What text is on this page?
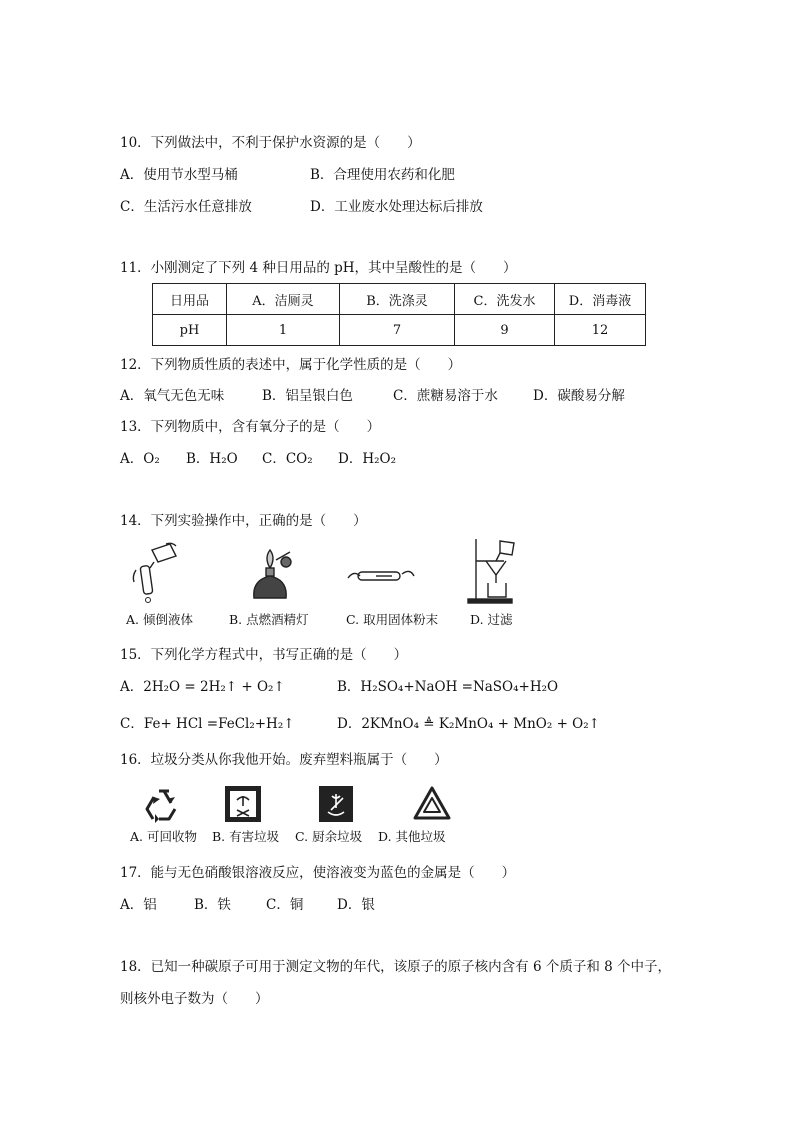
10．下列做法中，不利于保护水资源的是（　　）
A．使用节水型马桶	B．合理使用农药和化肥
C．生活污水任意排放	D．工业废水处理达标后排放
11．小刚测定了下列 4 种日用品的 pH，其中呈酸性的是（　　）
日用品	A．洁厕灵	B．洗涤灵	C．洗发水	D．消毒液
pH	1	7	9	12
12．下列物质性质的表述中，属于化学性质的是（　　）
A．氧气无色无味	B．铝呈银白色	C．蔗糖易溶于水	D．碳酸易分解
13．下列物质中，含有氧分子的是（　　）
A．O₂ B．H₂O C．CO₂ D．H₂O₂
14．下列实验操作中，正确的是（　　）
A. 倾倒液体	B. 点燃酒精灯	C. 取用固体粉末	D. 过滤
15．下列化学方程式中，书写正确的是（　　）
A．2H₂O = 2H₂↑ + O₂↑	B．H₂SO₄+NaOH =NaSO₄+H₂O
C．Fe+ HCl =FeCl₂+H₂↑	D．2KMnO₄ ≜ K₂MnO₄ + MnO₂ + O₂↑
16．垃圾分类从你我他开始。废弃塑料瓶属于（　　）
A. 可回收物 B. 有害垃圾 C. 厨余垃圾 D. 其他垃圾
17．能与无色硝酸银溶液反应，使溶液变为蓝色的金属是（　　）
A．铝	B．铁	C．铜 D．银
18．已知一种碳原子可用于测定文物的年代，该原子的原子核内含有 6 个质子和 8 个中子，
则核外电子数为（　　）
